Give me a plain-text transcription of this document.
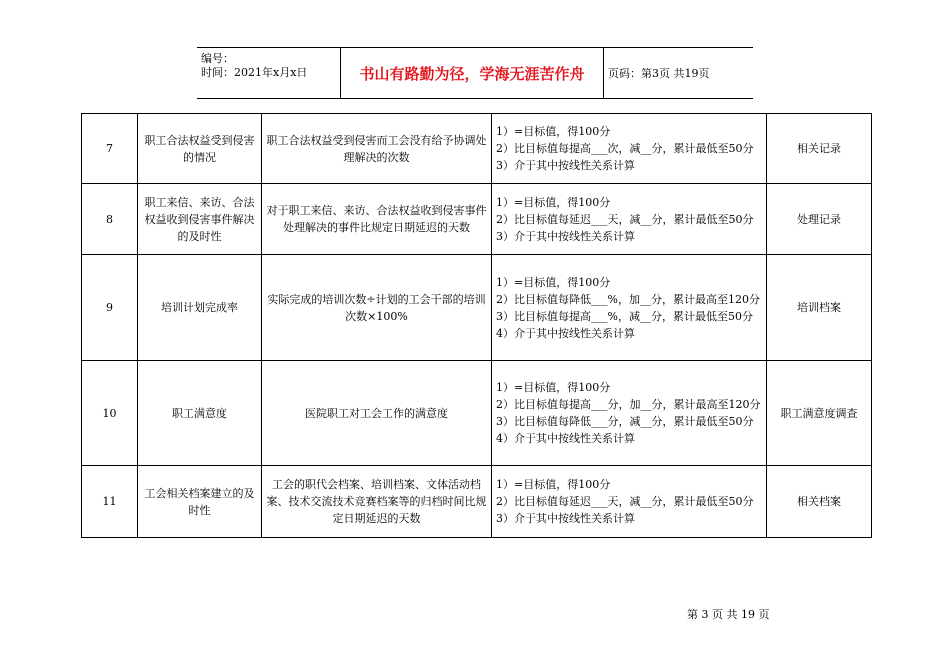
编号：
时间：2021年x月x日	书山有路勤为径，学海无涯苦作舟	页码：第3页 共19页
7	职工合法权益受到侵害的情况	职工合法权益受到侵害而工会没有给予协调处理解决的次数	1）=目标值，得100分
2）比目标值每提高___次，减__分，累计最低至50分
3）介于其中按线性关系计算	相关记录
8	职工来信、来访、合法权益收到侵害事件解决的及时性	对于职工来信、来访、合法权益收到侵害事件处理解决的事件比规定日期延迟的天数	1）=目标值，得100分
2）比目标值每延迟___天，减__分，累计最低至50分
3）介于其中按线性关系计算	处理记录
9	培训计划完成率	实际完成的培训次数÷计划的工会干部的培训次数×100%	1）=目标值，得100分
2）比目标值每降低___%，加__分，累计最高至120分
3）比目标值每提高___%，减__分，累计最低至50分
4）介于其中按线性关系计算	培训档案
10	职工满意度	医院职工对工会工作的满意度	1）=目标值，得100分
2）比目标值每提高___分，加__分，累计最高至120分
3）比目标值每降低___分，减__分，累计最低至50分
4）介于其中按线性关系计算	职工满意度调查
11	工会相关档案建立的及时性	工会的职代会档案、培训档案、文体活动档案、技术交流技术竞赛档案等的归档时间比规定日期延迟的天数	1）=目标值，得100分
2）比目标值每延迟___天，减__分，累计最低至50分
3）介于其中按线性关系计算	相关档案
第 3 页 共 19 页
